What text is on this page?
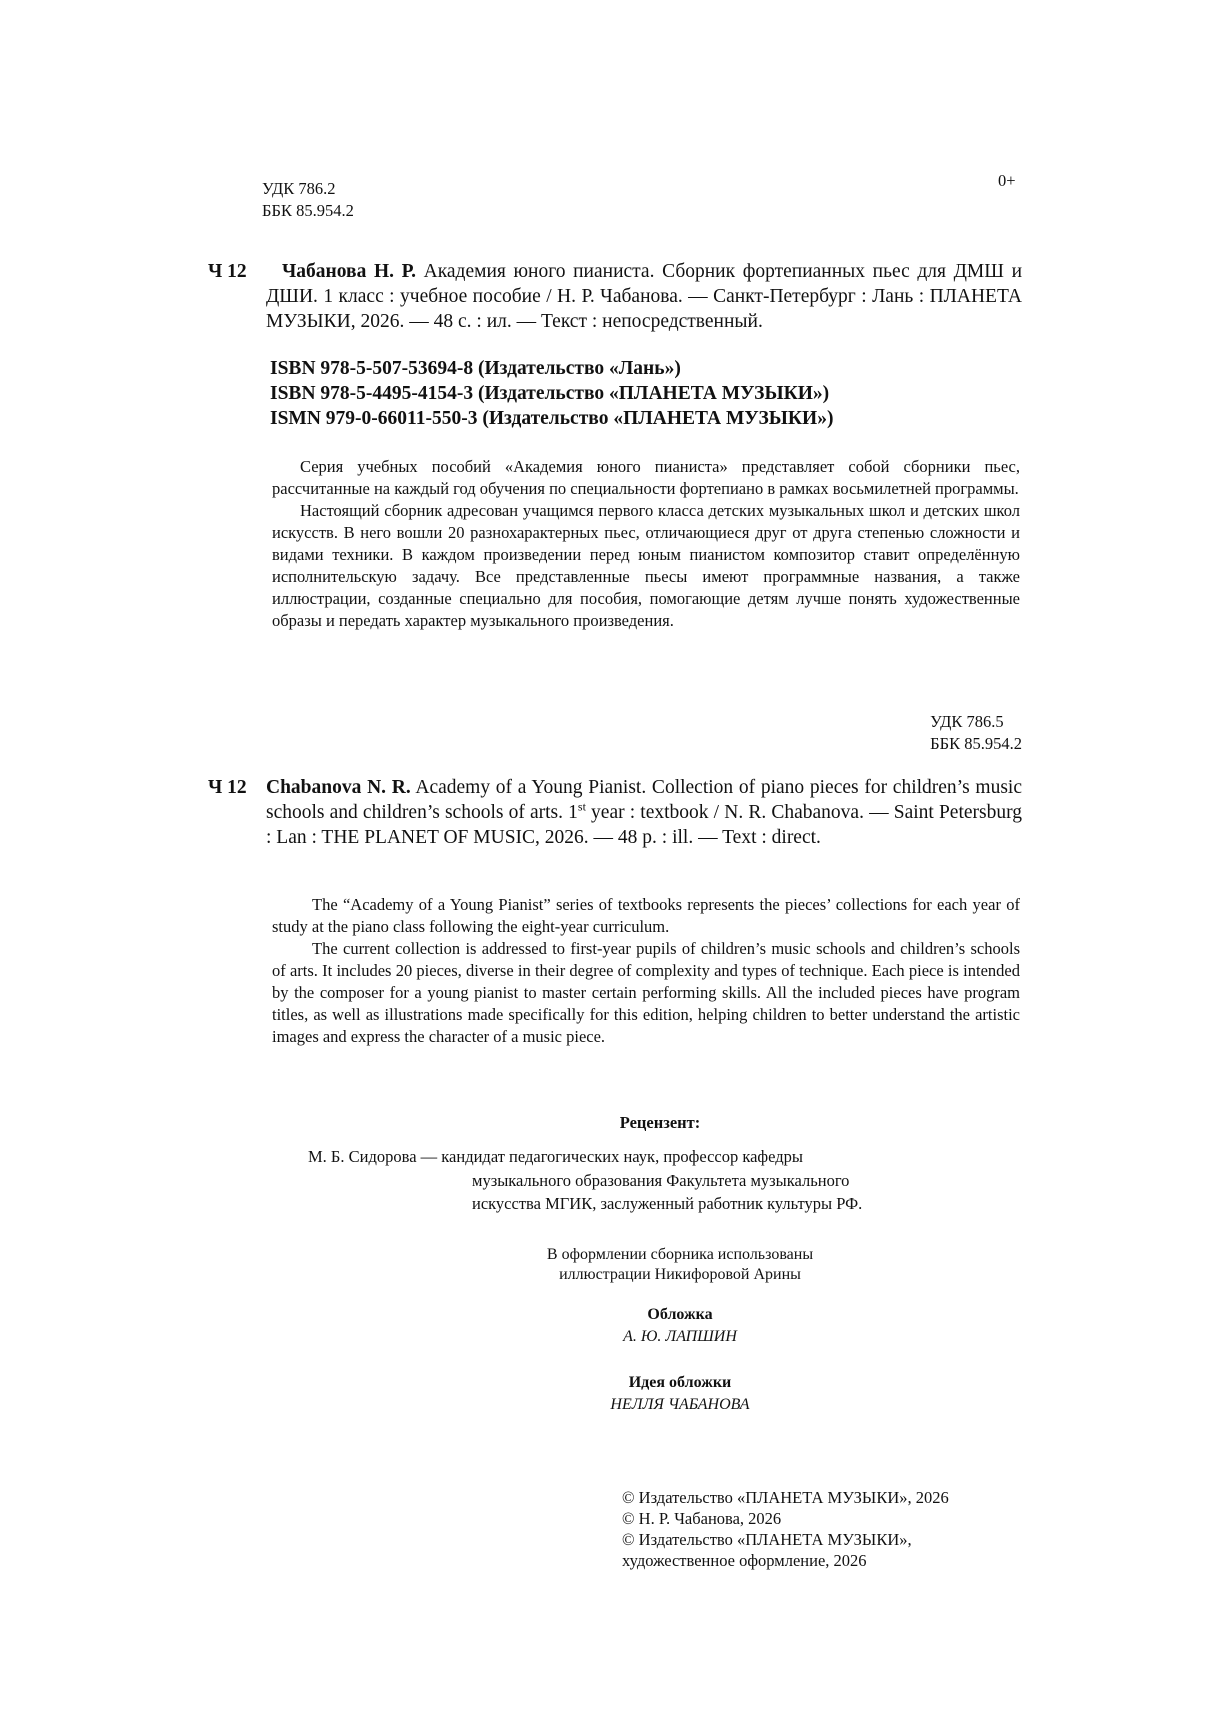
УДК 786.2
ББК 85.954.2
0+
Ч 12	Чабанова Н. Р. Академия юного пианиста. Сборник фортепианных пьес для ДМШ и ДШИ. 1 класс : учебное пособие / Н. Р. Чабанова. — Санкт-Петербург : Лань : ПЛАНЕТА МУЗЫКИ, 2026. — 48 с. : ил. — Текст : непосредственный.
ISBN 978-5-507-53694-8 (Издательство «Лань»)
ISBN 978-5-4495-4154-3 (Издательство «ПЛАНЕТА МУЗЫКИ»)
ISMN 979-0-66011-550-3 (Издательство «ПЛАНЕТА МУЗЫКИ»)

Серия учебных пособий «Академия юного пианиста» представляет собой сборники пьес, рассчитанные на каждый год обучения по специальности фортепиано в рамках восьмилетней программы.

Настоящий сборник адресован учащимся первого класса детских музыкальных школ и детских школ искусств. В него вошли 20 разнохарактерных пьес, отличающиеся друг от друга степенью сложности и видами техники. В каждом произведении перед юным пианистом композитор ставит определённую исполнительскую задачу. Все представленные пьесы имеют программные названия, а также иллюстрации, созданные специально для пособия, помогающие детям лучше понять художественные образы и передать характер музыкального произведения.

УДК 786.5
ББК 85.954.2
Ч 12 Chabanova N. R. Academy of a Young Pianist. Collection of piano pieces for children’s music schools and children’s schools of arts. 1st year : textbook / N. R. Chabanova. — Saint Petersburg : Lan : THE PLANET OF MUSIC, 2026. — 48 p. : ill. — Text : direct.

The “Academy of a Young Pianist” series of textbooks represents the pieces’ collections for each year of study at the piano class following the eight-year curriculum.

The current collection is addressed to first-year pupils of children’s music schools and children’s schools of arts. It includes 20 pieces, diverse in their degree of complexity and types of technique. Each piece is intended by the composer for a young pianist to master certain performing skills. All the included pieces have program titles, as well as illustrations made specifically for this edition, helping children to better understand the artistic images and express the character of a music piece.

Рецензент:
М. Б. Сидорова — кандидат педагогических наук, профессор кафедры
музыкального образования Факультета музыкального
искусства МГИК, заслуженный работник культуры РФ.
В оформлении сборника использованы
иллюстрации Никифоровой Арины
Обложка
А. Ю. ЛАПШИН
Идея обложки
НЕЛЛЯ ЧАБАНОВА
© Издательство «ПЛАНЕТА МУЗЫКИ», 2026
© Н. Р. Чабанова, 2026
© Издательство «ПЛАНЕТА МУЗЫКИ»,
художественное оформление, 2026
